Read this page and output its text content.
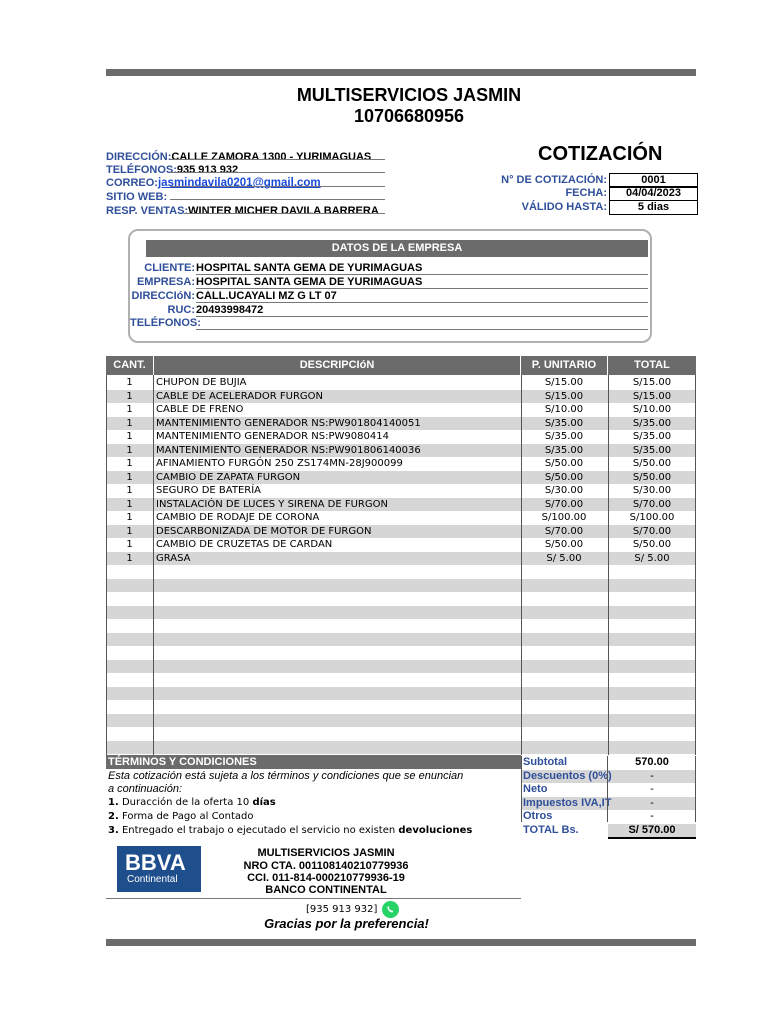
MULTISERVICIOS JASMIN
10706680956
COTIZACIÓN
DIRECCIÓN:CALLE ZAMORA 1300 - YURIMAGUAS
TELÉFONOS:935 913 932
CORREO:jasmindavila0201@gmail.com
SITIO WEB:
RESP. VENTAS:WINTER MICHER DAVILA BARRERA
N° DE COTIZACIÓN:	0001
FECHA:	04/04/2023
VÁLIDO HASTA:	5 dias
DATOS DE LA EMPRESA
CLIENTE: HOSPITAL SANTA GEMA DE YURIMAGUAS
EMPRESA: HOSPITAL SANTA GEMA DE YURIMAGUAS
DIRECCIóN: CALL.UCAYALI MZ G LT 07
RUC: 20493998472
TELÉFONOS:
CANT.	DESCRIPCIóN	P. UNITARIO	TOTAL
1	CHUPON DE BUJIA	S/15.00	S/15.00
1	CABLE DE ACELERADOR FURGON	S/15.00	S/15.00
1	CABLE DE FRENO	S/10.00	S/10.00
1	MANTENIMIENTO GENERADOR NS:PW901804140051	S/35.00	S/35.00
1	MANTENIMIENTO GENERADOR NS:PW9080414	S/35.00	S/35.00
1	MANTENIMIENTO GENERADOR NS:PW901806140036	S/35.00	S/35.00
1	AFINAMIENTO FURGÓN 250 ZS174MN-28J900099	S/50.00	S/50.00
1	CAMBIO DE ZAPATA FURGON	S/50.00	S/50.00
1	SEGURO DE BATERÍA	S/30.00	S/30.00
1	INSTALACIÓN DE LUCES Y SIRENA DE FURGON	S/70.00	S/70.00
1	CAMBIO DE RODAJE DE CORONA	S/100.00	S/100.00
1	DESCARBONIZADA DE MOTOR DE FURGON	S/70.00	S/70.00
1	CAMBIO DE CRUZETAS DE CARDAN	S/50.00	S/50.00
1	GRASA	S/ 5.00	S/ 5.00
TÉRMINOS Y CONDICIONES
Esta cotización está sujeta a los términos y condiciones que se enuncian
a continuación:
1. Duracción de la oferta 10 días
2. Forma de Pago al Contado
3. Entregado el trabajo o ejecutado el servicio no existen devoluciones
Subtotal	570.00
Descuentos (0%)	-
Neto	-
Impuestos IVA,IT	-
Otros	-
TOTAL Bs.	S/ 570.00
BBVA
Continental
MULTISERVICIOS JASMIN
NRO CTA. 001108140210779936
CCI. 011-814-000210779936-19
BANCO CONTINENTAL
[935 913 932]
Gracias por la preferencia!
